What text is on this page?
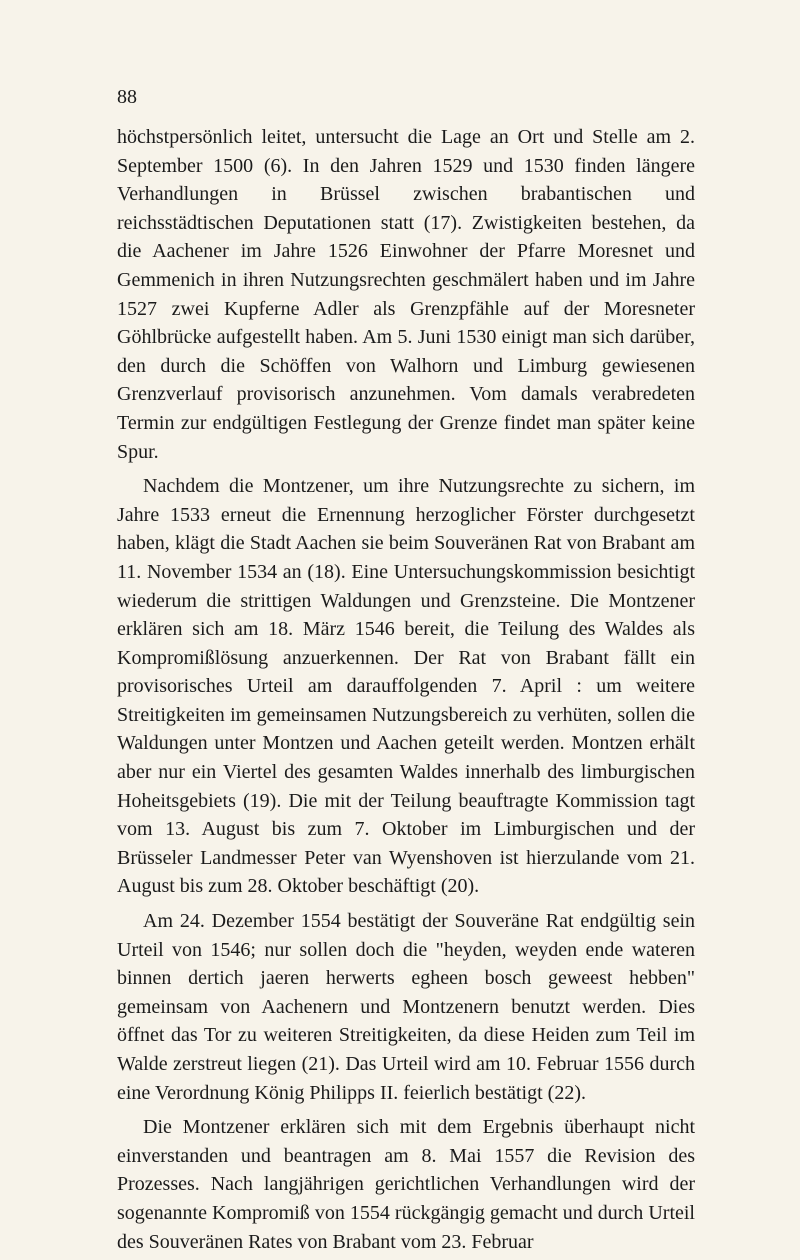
88

höchstpersönlich leitet, untersucht die Lage an Ort und Stelle am 2. September 1500 (6). In den Jahren 1529 und 1530 finden längere Verhandlungen in Brüssel zwischen brabantischen und reichsstädtischen Deputationen statt (17). Zwistigkeiten bestehen, da die Aachener im Jahre 1526 Einwohner der Pfarre Moresnet und Gemmenich in ihren Nutzungsrechten geschmälert haben und im Jahre 1527 zwei Kupferne Adler als Grenzpfähle auf der Moresneter Göhlbrücke aufgestellt haben. Am 5. Juni 1530 einigt man sich darüber, den durch die Schöffen von Walhorn und Limburg gewiesenen Grenzverlauf provisorisch anzunehmen. Vom damals verabredeten Termin zur endgültigen Festlegung der Grenze findet man später keine Spur.

Nachdem die Montzener, um ihre Nutzungsrechte zu sichern, im Jahre 1533 erneut die Ernennung herzoglicher Förster durchgesetzt haben, klägt die Stadt Aachen sie beim Souveränen Rat von Brabant am 11. November 1534 an (18). Eine Untersuchungskommission besichtigt wiederum die strittigen Waldungen und Grenzsteine. Die Montzener erklären sich am 18. März 1546 bereit, die Teilung des Waldes als Kompromißlösung anzuerkennen. Der Rat von Brabant fällt ein provisorisches Urteil am darauffolgenden 7. April : um weitere Streitigkeiten im gemeinsamen Nutzungsbereich zu verhüten, sollen die Waldungen unter Montzen und Aachen geteilt werden. Montzen erhält aber nur ein Viertel des gesamten Waldes innerhalb des limburgischen Hoheitsgebiets (19). Die mit der Teilung beauftragte Kommission tagt vom 13. August bis zum 7. Oktober im Limburgischen und der Brüsseler Landmesser Peter van Wyenshoven ist hierzulande vom 21. August bis zum 28. Oktober beschäftigt (20).

Am 24. Dezember 1554 bestätigt der Souveräne Rat endgültig sein Urteil von 1546; nur sollen doch die "heyden, weyden ende wateren binnen dertich jaeren herwerts egheen bosch geweest hebben" gemeinsam von Aachenern und Montzenern benutzt werden. Dies öffnet das Tor zu weiteren Streitigkeiten, da diese Heiden zum Teil im Walde zerstreut liegen (21). Das Urteil wird am 10. Februar 1556 durch eine Verordnung König Philipps II. feierlich bestätigt (22).

Die Montzener erklären sich mit dem Ergebnis überhaupt nicht einverstanden und beantragen am 8. Mai 1557 die Revision des Prozesses. Nach langjährigen gerichtlichen Verhandlungen wird der sogenannte Kompromiß von 1554 rückgängig gemacht und durch Urteil des Souveränen Rates von Brabant vom 23. Februar
